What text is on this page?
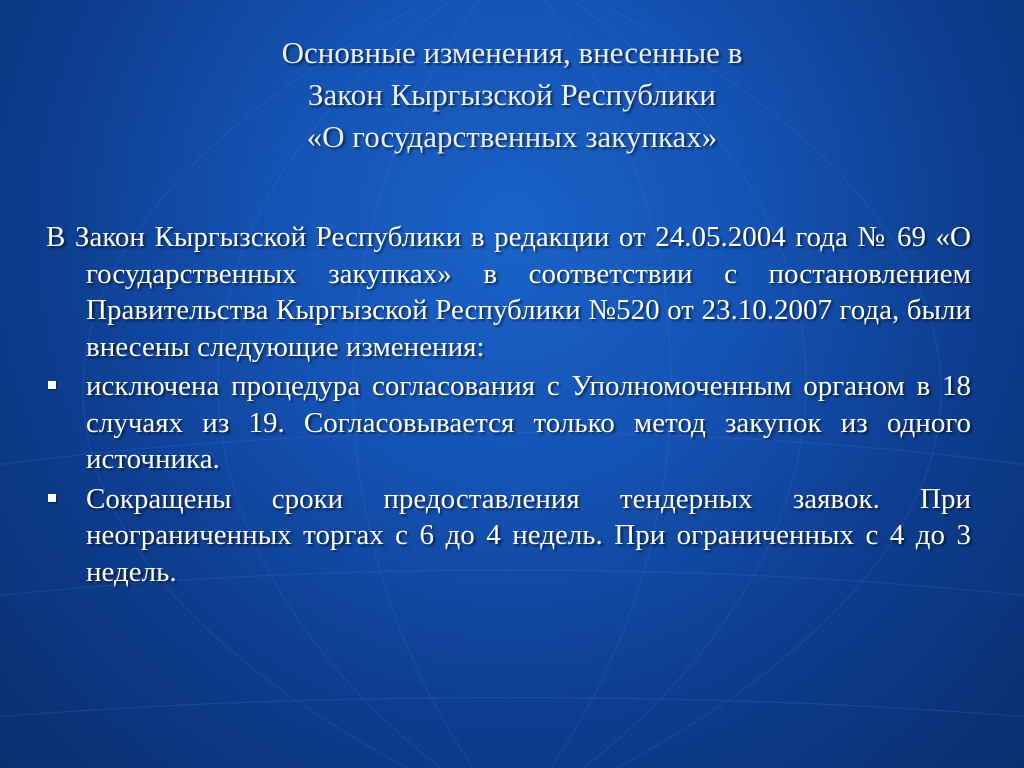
Основные изменения, внесенные в
Закон Кыргызской Республики
«О государственных закупках»
В Закон Кыргызской Республики в редакции от 24.05.2004 года № 69 «О государственных закупках» в соответствии с постановлением Правительства Кыргызской Республики №520 от 23.10.2007 года, были внесены следующие изменения:
исключена процедура согласования с Уполномоченным органом в 18 случаях из 19. Согласовывается только метод закупок из одного источника.
Сокращены сроки предоставления тендерных заявок. При неограниченных торгах с 6 до 4 недель. При ограниченных с 4 до 3 недель.
